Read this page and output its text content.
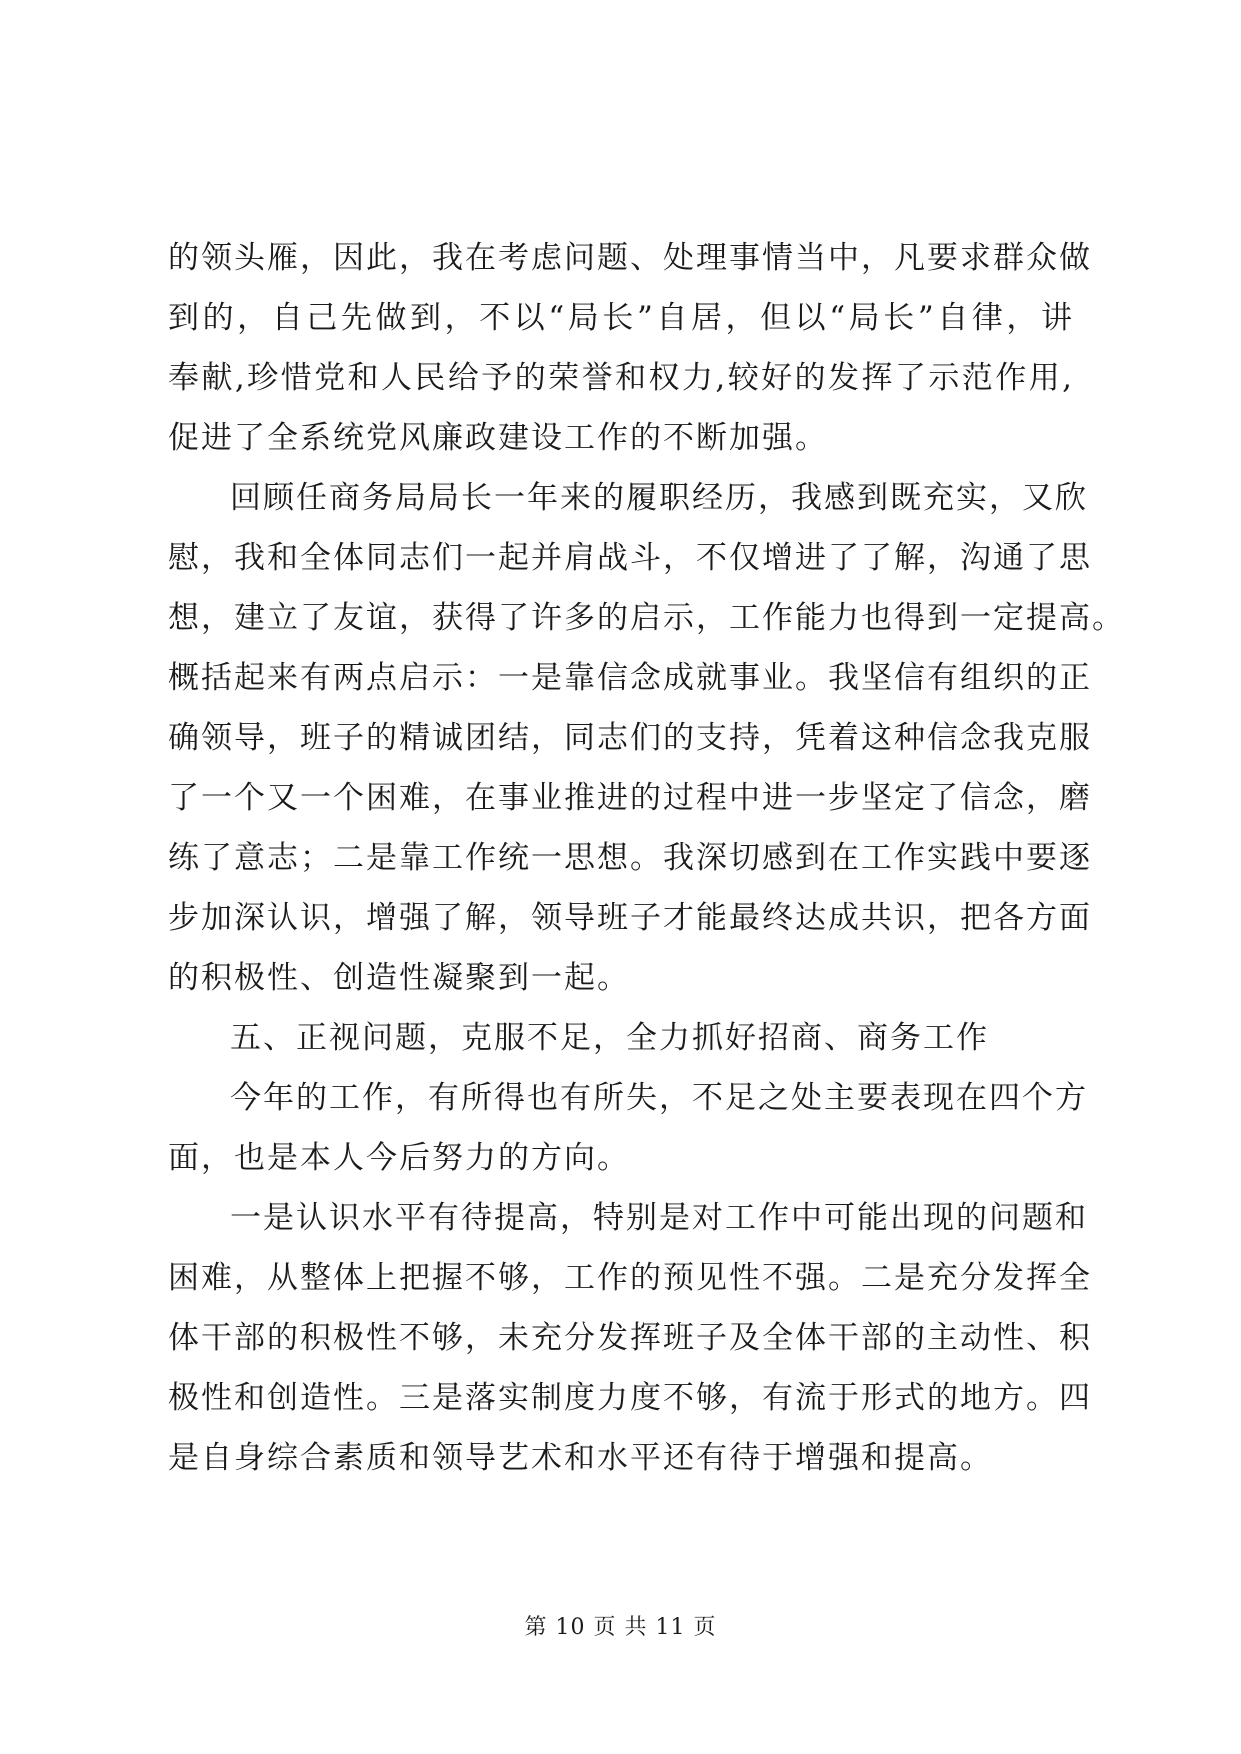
的领头雁，因此，我在考虑问题、处理事情当中，凡要求群众做
到的，自己先做到，不以“局长”自居，但以“局长”自律，讲
奉献,珍惜党和人民给予的荣誉和权力,较好的发挥了示范作用,
促进了全系统党风廉政建设工作的不断加强。
回顾任商务局局长一年来的履职经历，我感到既充实，又欣
慰，我和全体同志们一起并肩战斗，不仅增进了了解，沟通了思
想，建立了友谊，获得了许多的启示，工作能力也得到一定提高。
概括起来有两点启示：一是靠信念成就事业。我坚信有组织的正
确领导，班子的精诚团结，同志们的支持，凭着这种信念我克服
了一个又一个困难，在事业推进的过程中进一步坚定了信念，磨
练了意志；二是靠工作统一思想。我深切感到在工作实践中要逐
步加深认识，增强了解，领导班子才能最终达成共识，把各方面
的积极性、创造性凝聚到一起。
五、正视问题，克服不足，全力抓好招商、商务工作
今年的工作，有所得也有所失，不足之处主要表现在四个方
面，也是本人今后努力的方向。
一是认识水平有待提高，特别是对工作中可能出现的问题和
困难，从整体上把握不够，工作的预见性不强。二是充分发挥全
体干部的积极性不够，未充分发挥班子及全体干部的主动性、积
极性和创造性。三是落实制度力度不够，有流于形式的地方。四
是自身综合素质和领导艺术和水平还有待于增强和提高。
第 10 页 共 11 页
